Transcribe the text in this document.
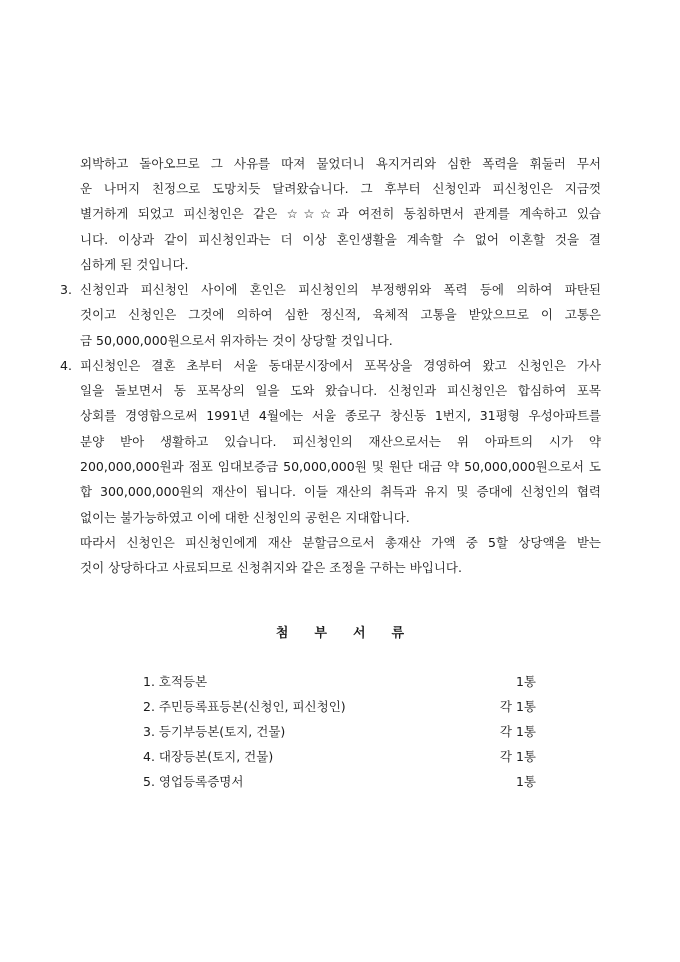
외박하고 돌아오므로 그 사유를 따져 물었더니 욕지거리와 심한 폭력을 휘둘러 무서
운 나머지 친정으로 도망치듯 달려왔습니다. 그 후부터 신청인과 피신청인은 지금껏
별거하게 되었고 피신청인은 같은 ☆☆☆과 여전히 동침하면서 관계를 계속하고 있습
니다. 이상과 같이 피신청인과는 더 이상 혼인생활을 계속할 수 없어 이혼할 것을 결
심하게 된 것입니다.
3. 신청인과 피신청인 사이에 혼인은 피신청인의 부정행위와 폭력 등에 의하여 파탄된
것이고 신청인은 그것에 의하여 심한 정신적, 육체적 고통을 받았으므로 이 고통은
금 50,000,000원으로서 위자하는 것이 상당할 것입니다.
4. 피신청인은 결혼 초부터 서울 동대문시장에서 포목상을 경영하여 왔고 신청인은 가사
일을 돌보면서 동 포목상의 일을 도와 왔습니다. 신청인과 피신청인은 합심하여 포목
상회를 경영함으로써 1991년 4월에는 서울 종로구 창신동 1번지, 31평형 우성아파트를
분양 받아 생활하고 있습니다. 피신청인의 재산으로서는 위 아파트의 시가 약
200,000,000원과 점포 임대보증금 50,000,000원 및 원단 대금 약 50,000,000원으로서 도
합 300,000,000원의 재산이 됩니다. 이들 재산의 취득과 유지 및 증대에 신청인의 협력
없이는 불가능하였고 이에 대한 신청인의 공헌은 지대합니다.
따라서 신청인은 피신청인에게 재산 분할금으로서 총재산 가액 중 5할 상당액을 받는
것이 상당하다고 사료되므로 신청취지와 같은 조정을 구하는 바입니다.
첨부서류
1. 호적등본	1통
2. 주민등록표등본(신청인, 피신청인)	각 1통
3. 등기부등본(토지, 건물)	각 1통
4. 대장등본(토지, 건물)	각 1통
5. 영업등록증명서	1통
